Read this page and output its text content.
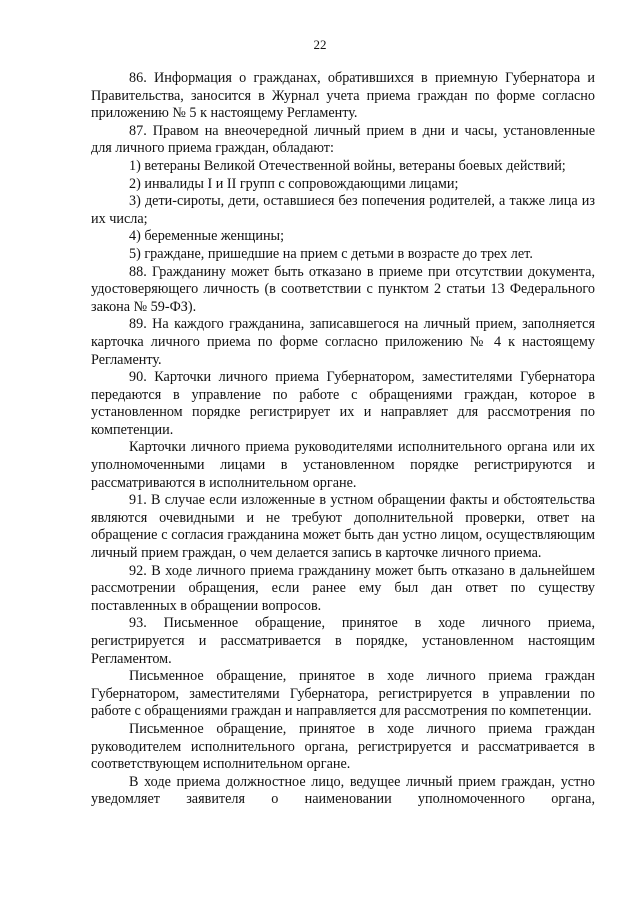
22

86. Информация о гражданах, обратившихся в приемную Губернатора и Правительства, заносится в Журнал учета приема граждан по форме согласно приложению № 5 к настоящему Регламенту.

87. Правом на внеочередной личный прием в дни и часы, установленные для личного приема граждан, обладают:

1) ветераны Великой Отечественной войны, ветераны боевых действий;

2) инвалиды I и II групп с сопровождающими лицами;

3) дети-сироты, дети, оставшиеся без попечения родителей, а также лица из их числа;

4) беременные женщины;

5) граждане, пришедшие на прием с детьми в возрасте до трех лет.

88. Гражданину может быть отказано в приеме при отсутствии документа, удостоверяющего личность (в соответствии с пунктом 2 статьи 13 Федерального закона № 59-ФЗ).

89. На каждого гражданина, записавшегося на личный прием, заполняется карточка личного приема по форме согласно приложению № 4 к настоящему Регламенту.

90. Карточки личного приема Губернатором, заместителями Губернатора передаются в управление по работе с обращениями граждан, которое в установленном порядке регистрирует их и направляет для рассмотрения по компетенции.

Карточки личного приема руководителями исполнительного органа или их уполномоченными лицами в установленном порядке регистрируются и рассматриваются в исполнительном органе.

91. В случае если изложенные в устном обращении факты и обстоятельства являются очевидными и не требуют дополнительной проверки, ответ на обращение с согласия гражданина может быть дан устно лицом, осуществляющим личный прием граждан, о чем делается запись в карточке личного приема.

92. В ходе личного приема гражданину может быть отказано в дальнейшем рассмотрении обращения, если ранее ему был дан ответ по существу поставленных в обращении вопросов.

93. Письменное обращение, принятое в ходе личного приема, регистрируется и рассматривается в порядке, установленном настоящим Регламентом.

Письменное обращение, принятое в ходе личного приема граждан Губернатором, заместителями Губернатора, регистрируется в управлении по работе с обращениями граждан и направляется для рассмотрения по компетенции.

Письменное обращение, принятое в ходе личного приема граждан руководителем исполнительного органа, регистрируется и рассматривается в соответствующем исполнительном органе.

В ходе приема должностное лицо, ведущее личный прием граждан, устно уведомляет заявителя о наименовании уполномоченного органа,
